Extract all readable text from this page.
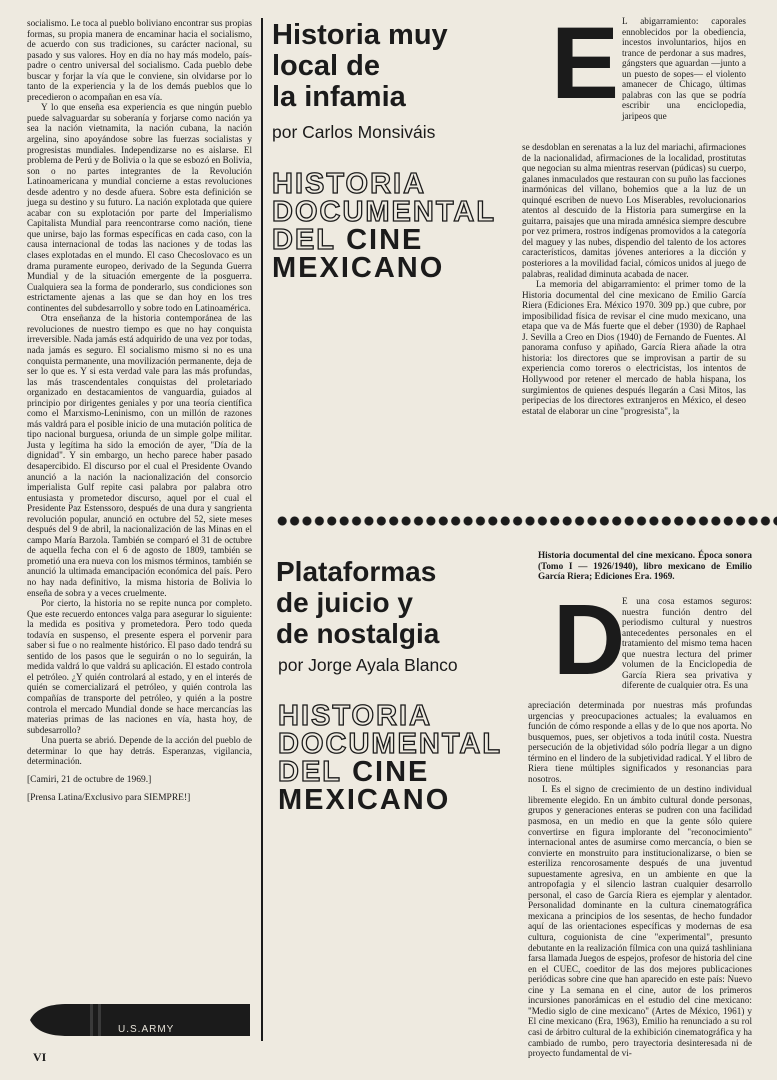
socialismo. Le toca al pueblo boliviano encontrar sus propias formas, su propia manera de encaminar hacia el socialismo, de acuerdo con sus tradiciones, su carácter nacional, su pasado y sus valores. Hoy en día no hay más modelo, país-padre o centro universal del socialismo. Cada pueblo debe buscar y forjar la vía que le conviene, sin olvidarse por lo tanto de la experiencia y la de los demás pueblos que lo precedieron o acompañan en esa vía.

Y lo que enseña esa experiencia es que ningún pueblo puede salvaguardar su soberanía y forjarse como nación ya sea la nación vietnamita, la nación cubana, la nación argelina, sino apoyándose sobre las fuerzas socialistas y progresistas mundiales. Independizarse no es aislarse. El problema de Perú y de Bolivia o la que se esbozó en Bolivia, son o no partes integrantes de la Revolución Latinoamericana y mundial concierne a estas revoluciones desde adentro y no desde afuera. Sobre esta definición se juega su destino y su futuro. La nación explotada que quiere acabar con su explotación por parte del Imperialismo Capitalista Mundial para reencontrarse como nación, tiene que unirse, bajo las formas específicas en cada caso, con la causa internacional de todas las naciones y de todas las clases explotadas en el mundo. El caso Checoslovaco es un drama puramente europeo, derivado de la Segunda Guerra Mundial y de la situación emergente de la posguerra. Cualquiera sea la forma de ponderarlo, sus condiciones son estrictamente ajenas a las que se dan hoy en los tres continentes del subdesarrollo y sobre todo en Latinoamérica.

Otra enseñanza de la historia contemporánea de las revoluciones de nuestro tiempo es que no hay conquista irreversible. Nada jamás está adquirido de una vez por todas, nada jamás es seguro. El socialismo mismo si no es una conquista permanente, una movilización permanente, deja de ser lo que es. Y si esta verdad vale para las más profundas, las más trascendentales conquistas del proletariado organizado en destacamientos de vanguardia, guiados al principio por dirigentes geniales y por una teoría científica como el Marxismo-Leninismo, con un millón de razones más valdrá para el posible inicio de una mutación política de tipo nacional burguesa, oriunda de un simple golpe militar. Justa y legítima ha sido la emoción de ayer, "Día de la dignidad". Y sin embargo, un hecho parece haber pasado desapercibido. El discurso por el cual el Presidente Ovando anunció a la nación la nacionalización del consorcio imperialista Gulf repite casi palabra por palabra otro entusiasta y prometedor discurso, aquel por el cual el Presidente Paz Estenssoro, después de una dura y sangrienta revolución popular, anunció en octubre del 52, siete meses después del 9 de abril, la nacionalización de las Minas en el campo María Barzola. También se comparó el 31 de octubre de aquella fecha con el 6 de agosto de 1809, también se prometió una era nueva con los mismos términos, también se anunció la ultimada emancipación económica del país. Pero no hay nada definitivo, la misma historia de Bolivia lo enseña de sobra y a veces cruelmente.

Por cierto, la historia no se repite nunca por completo. Que este recuerdo entonces valga para asegurar lo siguiente: la medida es positiva y prometedora. Pero todo queda todavía en suspenso, el presente espera el porvenir para saber si fue o no realmente histórico. El paso dado tendrá su sentido de los pasos que le seguirán o no lo seguirán, la medida valdrá lo que valdrá su aplicación. El estado controla el petróleo. ¿Y quién controlará al estado, y en el interés de quién se comercializará el petróleo, y quién controla las compañías de transporte del petróleo, y quién a la postre controla el mercado Mundial donde se hace mercancías las materias primas de las naciones en vía, hasta hoy, de subdesarrollo?

Una puerta se abrió. Depende de la acción del pueblo de determinar lo que hay detrás. Esperanzas, vigilancia, determinación.

[Camiri, 21 de octubre de 1969.]

[Prensa Latina/Exclusivo para SIEMPRE!]

U.S.ARMY
VI
Historia muy
local de
la infamia
por Carlos Monsiváis
HISTORIA
DOCUMENTAL
DEL CINE
MEXICANO
E L abigarramiento: caporales ennoblecidos por la obediencia, incestos involuntarios, hijos en trance de perdonar a sus madres, gángsters que aguardan —junto a un puesto de sopes— el violento amanecer de Chicago, últimas palabras con las que se podría escribir una enciclopedia, jaripeos que

se desdoblan en serenatas a la luz del mariachi, afirmaciones de la nacionalidad, afirmaciones de la localidad, prostitutas que negocian su alma mientras reservan (púdicas) su cuerpo, galanes inmaculados que restauran con su puño las facciones inarmónicas del villano, bohemios que a la luz de un quinqué escriben de nuevo Los Miserables, revolucionarios atentos al descuido de la Historia para sumergirse en la guitarra, paisajes que una mirada amnésica siempre descubre por vez primera, rostros indígenas promovidos a la categoría del maguey y las nubes, dispendio del talento de los actores característicos, damitas jóvenes anteriores a la dicción y posteriores a la movilidad facial, cómicos unidos al juego de palabras, realidad diminuta acabada de nacer.

La memoria del abigarramiento: el primer tomo de la Historia documental del cine mexicano de Emilio García Riera (Ediciones Era. México 1970. 309 pp.) que cubre, por imposibilidad física de revisar el cine mudo mexicano, una etapa que va de Más fuerte que el deber (1930) de Raphael J. Sevilla a Creo en Dios (1940) de Fernando de Fuentes. Al panorama confuso y apiñado, García Riera añade la otra historia: los directores que se improvisan a partir de su experiencia como toreros o electricistas, los intentos de Hollywood por retener el mercado de habla hispana, los surgimientos de quienes después llegarán a Casi Mitos, las peripecias de los directores extranjeros en México, el deseo estatal de elaborar un cine "progresista", la

Plataformas
de juicio y
de nostalgia
por Jorge Ayala Blanco
HISTORIA
DOCUMENTAL
DEL CINE
MEXICANO

Historia documental del cine mexicano. Época sonora (Tomo I — 1926/1940), libro mexicano de Emilio García Riera; Ediciones Era. 1969.

D

E una cosa estamos seguros: nuestra función dentro del periodismo cultural y nuestros antecedentes personales en el tratamiento del mismo tema hacen que nuestra lectura del primer volumen de la Enciclopedia de García Riera sea privativa y diferente de cualquier otra. Es una

apreciación determinada por nuestras más profundas urgencias y preocupaciones actuales; la evaluamos en función de cómo responde a ellas y de lo que nos aporta. No busquemos, pues, ser objetivos a toda inútil costa. Nuestra persecución de la objetividad sólo podría llegar a un digno término en el lindero de la subjetividad radical. Y el libro de Riera tiene múltiples significados y resonancias para nosotros.

I. Es el signo de crecimiento de un destino individual libremente elegido. En un ámbito cultural donde personas, grupos y generaciones enteras se pudren con una facilidad pasmosa, en un medio en que la gente sólo quiere convertirse en figura implorante del "reconocimiento" internacional antes de asumirse como mercancía, o bien se convierte en monstruito para institucionalizarse, o bien se esteriliza rencorosamente después de una juventud supuestamente agresiva, en un ambiente en que la antropofagia y el silencio lastran cualquier desarrollo personal, el caso de García Riera es ejemplar y alentador. Personalidad dominante en la cultura cinematográfica mexicana a principios de los sesentas, de hecho fundador aquí de las orientaciones específicas y modernas de esa cultura, coguionista de cine "experimental", presunto debutante en la realización fílmica con una quizá tashliniana farsa llamada Juegos de espejos, profesor de historia del cine en el CUEC, coeditor de las dos mejores publicaciones periódicas sobre cine que han aparecido en este país: Nuevo cine y La semana en el cine, autor de los primeros incursiones panorámicas en el estudio del cine mexicano: "Medio siglo de cine mexicano" (Artes de México, 1961) y El cine mexicano (Era, 1963), Emilio ha renunciado a su rol casi de árbitro cultural de la exhibición cinematográfica y ha cambiado de rumbo, pero trayectoria desinteresada ni de proyecto fundamental de vi-
